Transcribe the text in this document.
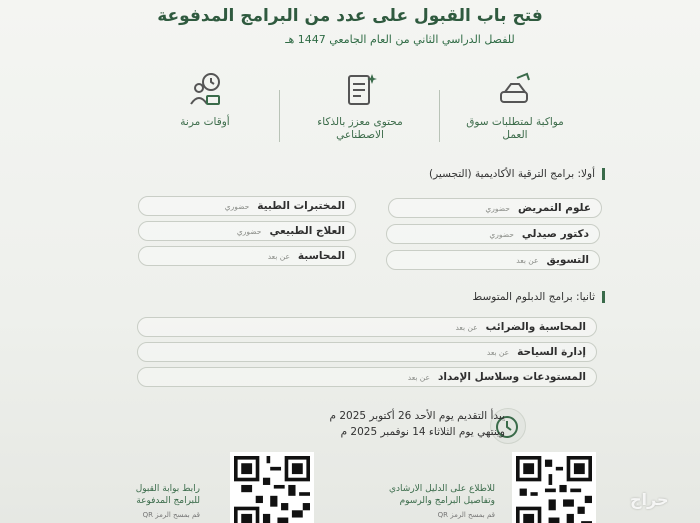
فتح باب القبول على عدد من البرامج المدفوعة
للفصل الدراسي الثاني من العام الجامعي 1447 هـ
مواكبة لمتطلبات سوق العمل
محتوى معزز بالذكاء الاصطناعي
أوقات مرنة
أولا: برامج الترقية الأكاديمية (التجسير)
علوم التمريض
حضوري
دكتور صيدلي
حضوري
التسويق
عن بعد
المختبرات الطبية
حضوري
العلاج الطبيعي
حضوري
المحاسبة
عن بعد
ثانيا: برامج الدبلوم المتوسط
المحاسبة والضرائب
عن بعد
إدارة السياحة
عن بعد
المستودعات وسلاسل الإمداد
عن بعد
يبدأ التقديم يوم الأحد 26 أكتوبر 2025 م
وينتهي يوم الثلاثاء 14 نوفمبر 2025 م
للاطلاع على الدليل الارشادي
وتفاصيل البرامج والرسوم
قم بمسح الرمز QR
رابط بوابة القبول
للبرامج المدفوعة
قم بمسح الرمز QR
حراج
